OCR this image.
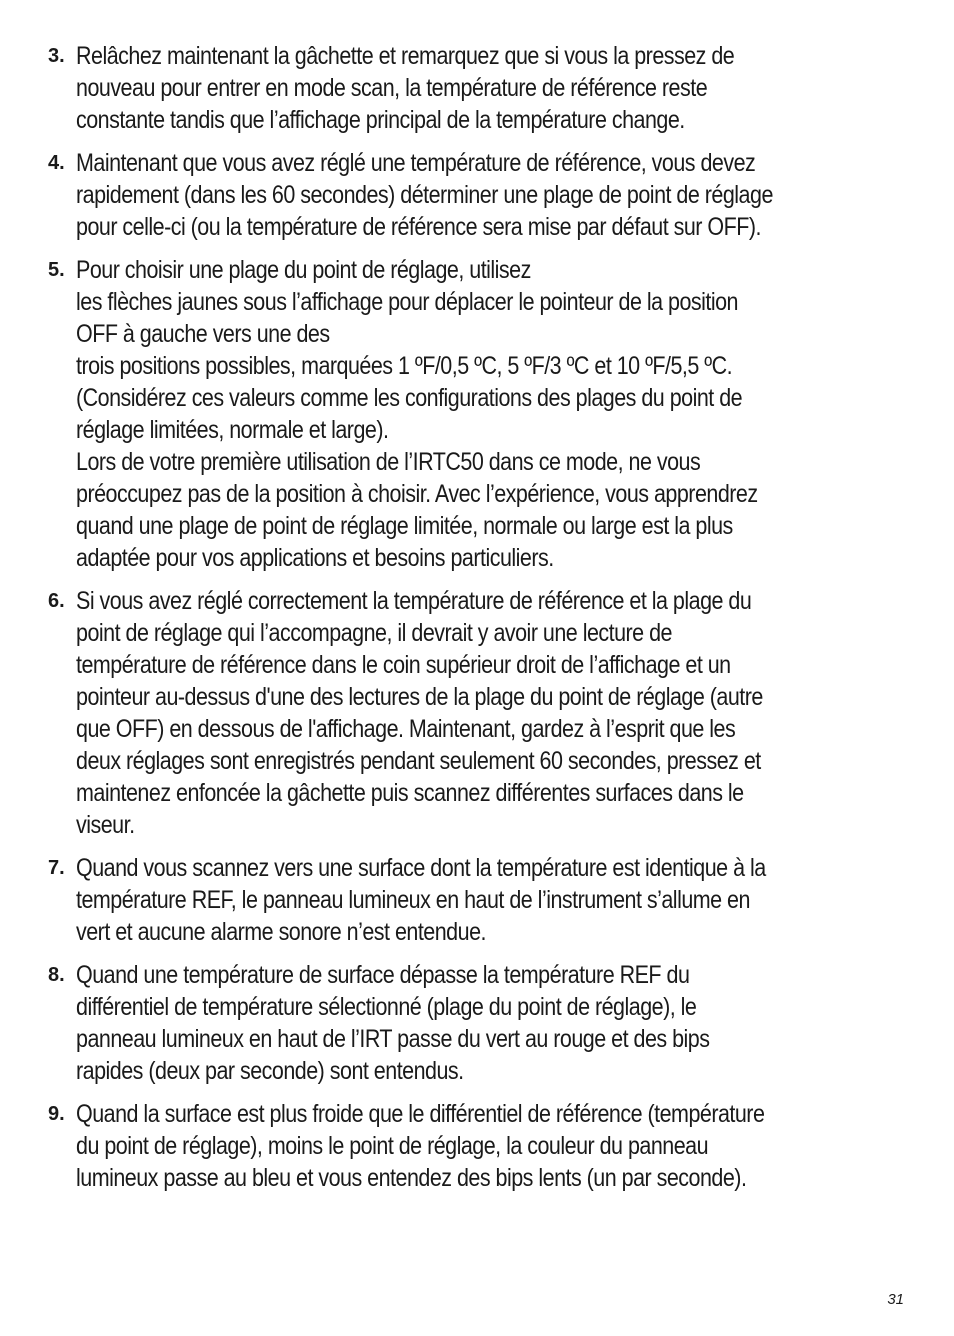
3. Relâchez maintenant la gâchette et remarquez que si vous la pressez de
nouveau pour entrer en mode scan, la température de référence reste
constante tandis que l’affichage principal de la température change.
4. Maintenant que vous avez réglé une température de référence, vous devez
rapidement (dans les 60 secondes) déterminer une plage de point de réglage
pour celle-ci (ou la température de référence sera mise par défaut sur OFF).
5. Pour choisir une plage du point de réglage, utilisez
les flèches jaunes sous l’affichage pour déplacer le pointeur de la position
OFF à gauche vers une des
trois positions possibles, marquées 1 ºF/0,5 ºC, 5 ºF/3 ºC et 10 ºF/5,5 ºC.
(Considérez ces valeurs comme les configurations des plages du point de
réglage limitées, normale et large).
Lors de votre première utilisation de l’IRTC50 dans ce mode, ne vous
préoccupez pas de la position à choisir. Avec l’expérience, vous apprendrez
quand une plage de point de réglage limitée, normale ou large est la plus
adaptée pour vos applications et besoins particuliers.
6. Si vous avez réglé correctement la température de référence et la plage du
point de réglage qui l’accompagne, il devrait y avoir une lecture de
température de référence dans le coin supérieur droit de l’affichage et un
pointeur au-dessus d'une des lectures de la plage du point de réglage (autre
que OFF) en dessous de l'affichage. Maintenant, gardez à l’esprit que les
deux réglages sont enregistrés pendant seulement 60 secondes, pressez et
maintenez enfoncée la gâchette puis scannez différentes surfaces dans le
viseur.
7. Quand vous scannez vers une surface dont la température est identique à la
température REF, le panneau lumineux en haut de l’instrument s’allume en
vert et aucune alarme sonore n’est entendue.
8. Quand une température de surface dépasse la température REF du
différentiel de température sélectionné (plage du point de réglage), le
panneau lumineux en haut de l’IRT passe du vert au rouge et des bips
rapides (deux par seconde) sont entendus.
9. Quand la surface est plus froide que le différentiel de référence (température
du point de réglage), moins le point de réglage, la couleur du panneau
lumineux passe au bleu et vous entendez des bips lents (un par seconde).
31
